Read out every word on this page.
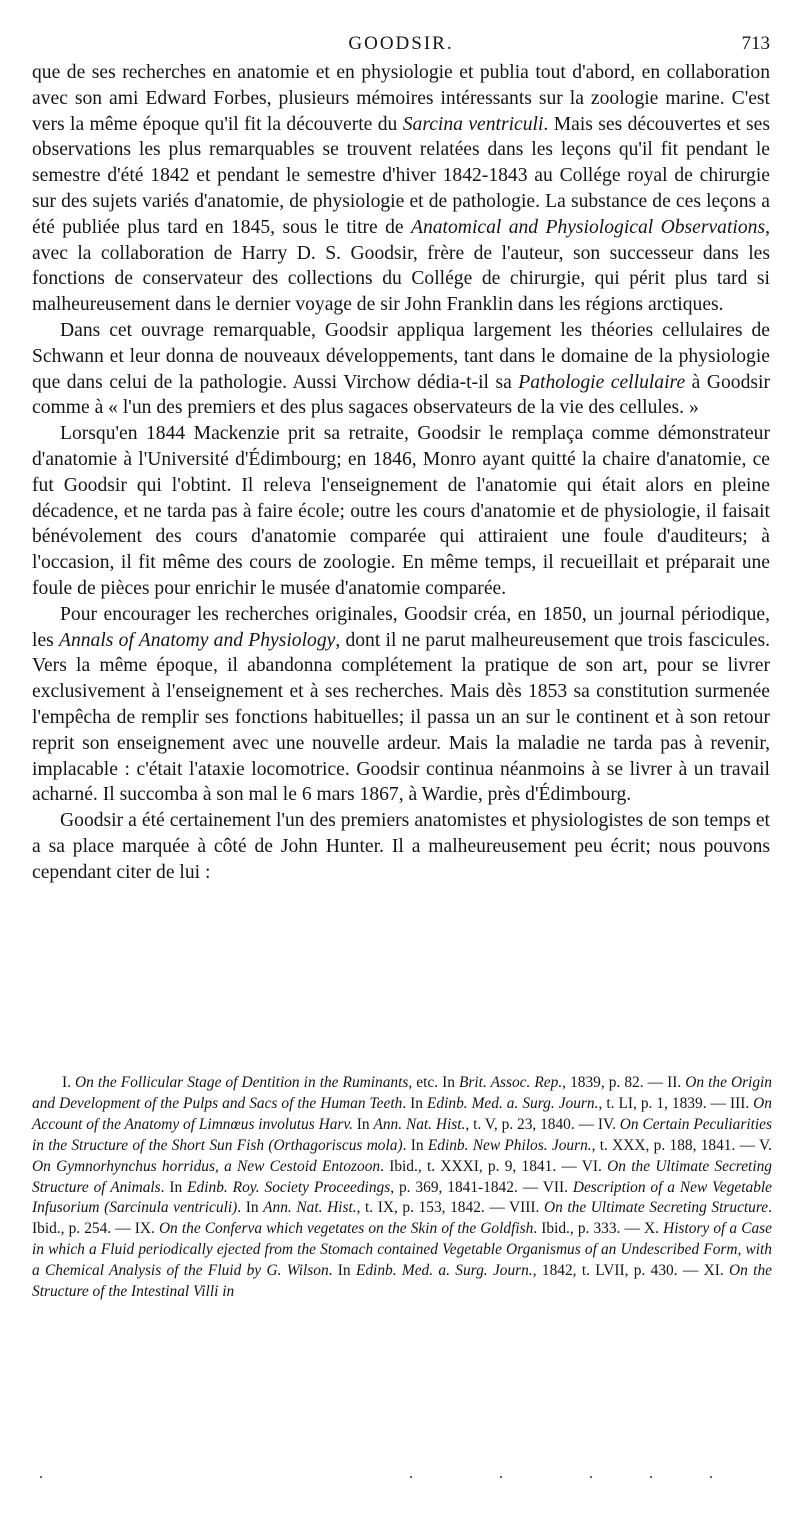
GOODSIR.	713

que de ses recherches en anatomie et en physiologie et publia tout d'abord, en collaboration avec son ami Edward Forbes, plusieurs mémoires intéressants sur la zoologie marine. C'est vers la même époque qu'il fit la découverte du Sarcina ventriculi. Mais ses découvertes et ses observations les plus remarquables se trouvent relatées dans les leçons qu'il fit pendant le semestre d'été 1842 et pendant le semestre d'hiver 1842-1843 au Collége royal de chirurgie sur des sujets variés d'anatomie, de physiologie et de pathologie. La substance de ces leçons a été publiée plus tard en 1845, sous le titre de Anatomical and Physiological Observations, avec la collaboration de Harry D. S. Goodsir, frère de l'auteur, son successeur dans les fonctions de conservateur des collections du Collége de chirurgie, qui périt plus tard si malheureusement dans le dernier voyage de sir John Franklin dans les régions arctiques.

Dans cet ouvrage remarquable, Goodsir appliqua largement les théories cellulaires de Schwann et leur donna de nouveaux développements, tant dans le domaine de la physiologie que dans celui de la pathologie. Aussi Virchow dédia-t-il sa Pathologie cellulaire à Goodsir comme à « l'un des premiers et des plus sagaces observateurs de la vie des cellules. »

Lorsqu'en 1844 Mackenzie prit sa retraite, Goodsir le remplaça comme démonstrateur d'anatomie à l'Université d'Édimbourg; en 1846, Monro ayant quitté la chaire d'anatomie, ce fut Goodsir qui l'obtint. Il releva l'enseignement de l'anatomie qui était alors en pleine décadence, et ne tarda pas à faire école; outre les cours d'anatomie et de physiologie, il faisait bénévolement des cours d'anatomie comparée qui attiraient une foule d'auditeurs; à l'occasion, il fit même des cours de zoologie. En même temps, il recueillait et préparait une foule de pièces pour enrichir le musée d'anatomie comparée.

Pour encourager les recherches originales, Goodsir créa, en 1850, un journal périodique, les Annals of Anatomy and Physiology, dont il ne parut malheureusement que trois fascicules. Vers la même époque, il abandonna complétement la pratique de son art, pour se livrer exclusivement à l'enseignement et à ses recherches. Mais dès 1853 sa constitution surmenée l'empêcha de remplir ses fonctions habituelles; il passa un an sur le continent et à son retour reprit son enseignement avec une nouvelle ardeur. Mais la maladie ne tarda pas à revenir, implacable : c'était l'ataxie locomotrice. Goodsir continua néanmoins à se livrer à un travail acharné. Il succomba à son mal le 6 mars 1867, à Wardie, près d'Édimbourg.

Goodsir a été certainement l'un des premiers anatomistes et physiologistes de son temps et a sa place marquée à côté de John Hunter. Il a malheureusement peu écrit; nous pouvons cependant citer de lui :

I. On the Follicular Stage of Dentition in the Ruminants, etc. In Brit. Assoc. Rep., 1839, p. 82. — II. On the Origin and Development of the Pulps and Sacs of the Human Teeth. In Edinb. Med. a. Surg. Journ., t. LI, p. 1, 1839. — III. On Account of the Anatomy of Limnœus involutus Harv. In Ann. Nat. Hist., t. V, p. 23, 1840. — IV. On Certain Peculiarities in the Structure of the Short Sun Fish (Orthagoriscus mola). In Edinb. New Philos. Journ., t. XXX, p. 188, 1841. — V. On Gymnorhynchus horridus, a New Cestoid Entozoon. Ibid., t. XXXI, p. 9, 1841. — VI. On the Ultimate Secreting Structure of Animals. In Edinb. Roy. Society Proceedings, p. 369, 1841-1842. — VII. Description of a New Vegetable Infusorium (Sarcinula ventriculi). In Ann. Nat. Hist., t. IX, p. 153, 1842. — VIII. On the Ultimate Secreting Structure. Ibid., p. 254. — IX. On the Conferva which vegetates on the Skin of the Goldfish. Ibid., p. 333. — X. History of a Case in which a Fluid periodically ejected from the Stomach contained Vegetable Organismus of an Undescribed Form, with a Chemical Analysis of the Fluid by G. Wilson. In Edinb. Med. a. Surg. Journ., 1842, t. LVII, p. 430. — XI. On the Structure of the Intestinal Villi in
